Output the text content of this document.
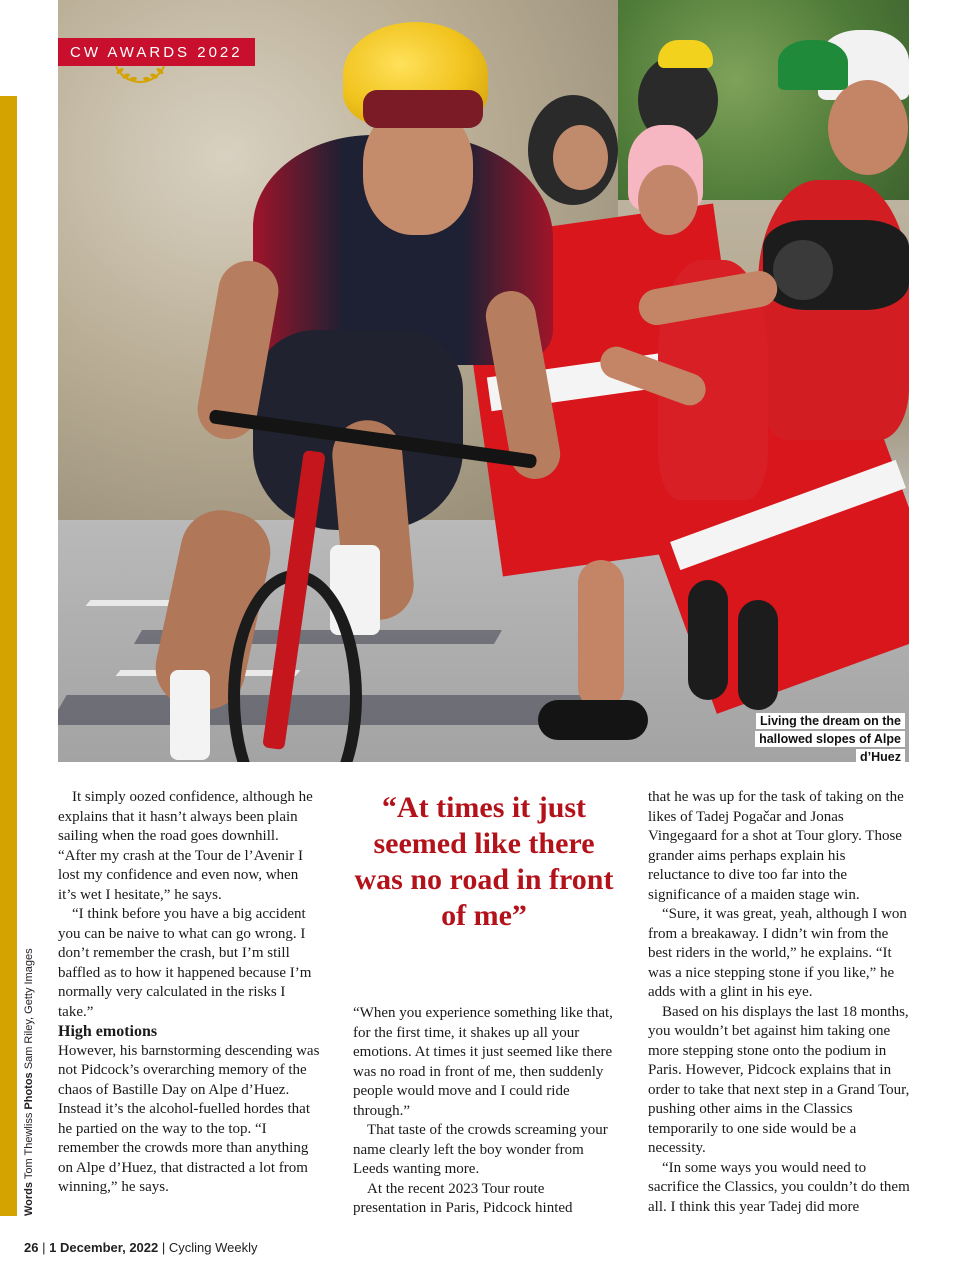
CW AWARDS 2022
Living the dream on the
hallowed slopes of Alpe d’Huez

It simply oozed confidence, although he explains that it hasn’t always been plain sailing when the road goes downhill. “After my crash at the Tour de l’Avenir I lost my confidence and even now, when it’s wet I hesitate,” he says.

“I think before you have a big accident you can be naive to what can go wrong. I don’t remember the crash, but I’m still baffled as to how it happened because I’m normally very calculated in the risks I take.”

High emotions

However, his barnstorming descending was not Pidcock’s overarching memory of the chaos of Bastille Day on Alpe d’Huez. Instead it’s the alcohol-fuelled hordes that he partied on the way to the top. “I remember the crowds more than anything on Alpe d’Huez, that distracted a lot from winning,” he says.

“At times it just seemed like there was no road in front of me”

“When you experience something like that, for the first time, it shakes up all your emotions. At times it just seemed like there was no road in front of me, then suddenly people would move and I could ride through.”

That taste of the crowds screaming your name clearly left the boy wonder from Leeds wanting more.

At the recent 2023 Tour route presentation in Paris, Pidcock hinted

that he was up for the task of taking on the likes of Tadej Pogačar and Jonas Vingegaard for a shot at Tour glory. Those grander aims perhaps explain his reluctance to dive too far into the significance of a maiden stage win.

“Sure, it was great, yeah, although I won from a breakaway. I didn’t win from the best riders in the world,” he explains. “It was a nice stepping stone if you like,” he adds with a glint in his eye.

Based on his displays the last 18 months, you wouldn’t bet against him taking one more stepping stone onto the podium in Paris. However, Pidcock explains that in order to take that next step in a Grand Tour, pushing other aims in the Classics temporarily to one side would be a necessity.

“In some ways you would need to sacrifice the Classics, you couldn’t do them all. I think this year Tadej did more

Words Tom Thewliss Photos Sam Riley, Getty Images
26 | 1 December, 2022 | Cycling Weekly
